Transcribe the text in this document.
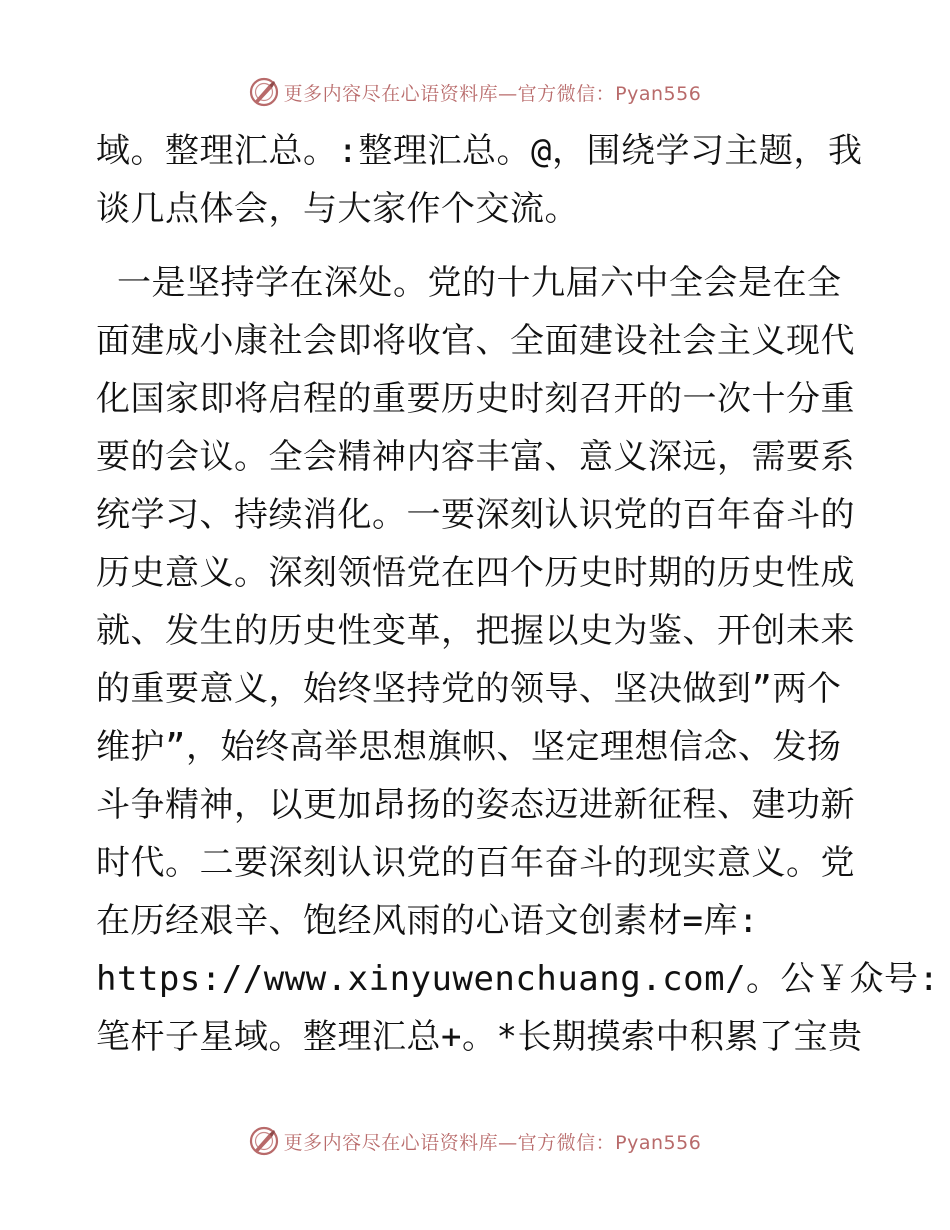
更多内容尽在心语资料库—官方微信：Pyan556
域。整理汇总。:整理汇总。@，围绕学习主题，我
谈几点体会，与大家作个交流。
一是坚持学在深处。党的十九届六中全会是在全
面建成小康社会即将收官、全面建设社会主义现代
化国家即将启程的重要历史时刻召开的一次十分重
要的会议。全会精神内容丰富、意义深远，需要系
统学习、持续消化。一要深刻认识党的百年奋斗的
历史意义。深刻领悟党在四个历史时期的历史性成
就、发生的历史性变革，把握以史为鉴、开创未来
的重要意义，始终坚持党的领导、坚决做到”两个
维护”，始终高举思想旗帜、坚定理想信念、发扬
斗争精神，以更加昂扬的姿态迈进新征程、建功新
时代。二要深刻认识党的百年奋斗的现实意义。党
在历经艰辛、饱经风雨的心语文创素材=库:
https://www.xinyuwenchuang.com/。公￥众号:
笔杆子星域。整理汇总+。*长期摸索中积累了宝贵
更多内容尽在心语资料库—官方微信：Pyan556
